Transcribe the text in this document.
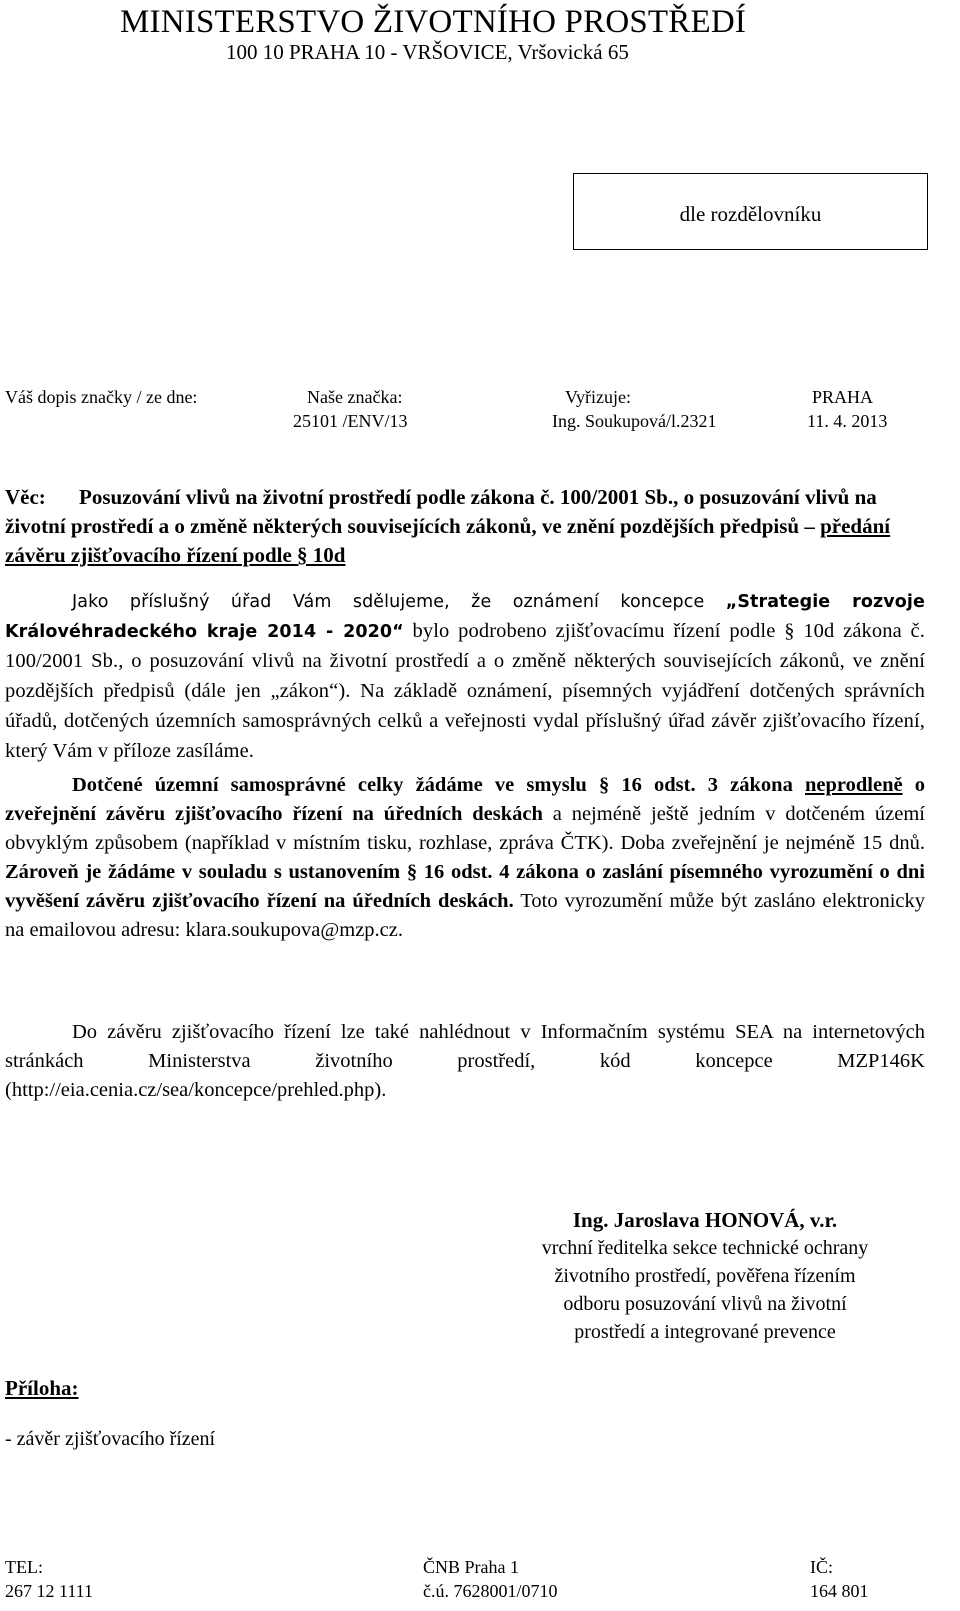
MINISTERSTVO ŽIVOTNÍHO PROSTŘEDÍ
100 10 PRAHA 10 - VRŠOVICE, Vršovická 65
dle rozdělovníku
Váš dopis značky / ze dne:	Naše značka:
25101 /ENV/13
Vyřizuje:
Ing. Soukupová/l.2321
PRAHA
11. 4. 2013
Věc: Posuzování vlivů na životní prostředí podle zákona č. 100/2001 Sb., o posuzování vlivů na životní prostředí a o změně některých souvisejících zákonů, ve znění pozdějších předpisů – předání závěru zjišťovacího řízení podle § 10d
Jako příslušný úřad Vám sdělujeme, že oznámení koncepce „Strategie rozvoje Královéhradeckého kraje 2014 - 2020“ bylo podrobeno zjišťovacímu řízení podle § 10d zákona č. 100/2001 Sb., o posuzování vlivů na životní prostředí a o změně některých souvisejících zákonů, ve znění pozdějších předpisů (dále jen „zákon“). Na základě oznámení, písemných vyjádření dotčených správních úřadů, dotčených územních samosprávných celků a veřejnosti vydal příslušný úřad závěr zjišťovacího řízení, který Vám v příloze zasíláme.
Dotčené územní samosprávné celky žádáme ve smyslu § 16 odst. 3 zákona neprodleně o zveřejnění závěru zjišťovacího řízení na úředních deskách a nejméně ještě jedním v dotčeném území obvyklým způsobem (například v místním tisku, rozhlase, zpráva ČTK). Doba zveřejnění je nejméně 15 dnů. Zároveň je žádáme v souladu s ustanovením § 16 odst. 4 zákona o zaslání písemného vyrozumění o dni vyvěšení závěru zjišťovacího řízení na úředních deskách. Toto vyrozumění může být zasláno elektronicky na emailovou adresu: klara.soukupova@mzp.cz.
Do závěru zjišťovacího řízení lze také nahlédnout v Informačním systému SEA na internetových stránkách Ministerstva životního prostředí, kód koncepce MZP146K (http://eia.cenia.cz/sea/koncepce/prehled.php).
Ing. Jaroslava HONOVÁ, v.r.
vrchní ředitelka sekce technické ochrany
životního prostředí, pověřena řízením
odboru posuzování vlivů na životní
prostředí a integrované prevence
Příloha:
- závěr zjišťovacího řízení
TEL:
267 12 1111
ČNB Praha 1
č.ú. 7628001/0710
IČ:
164 801
